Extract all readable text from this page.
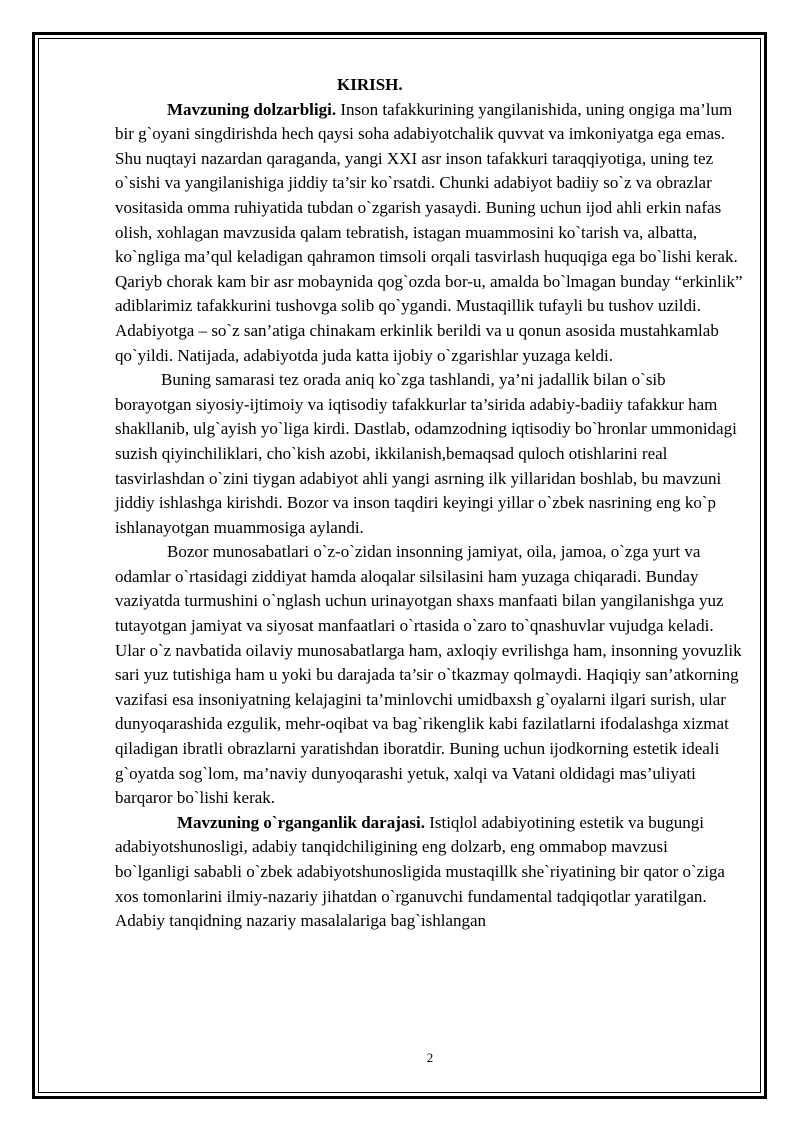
KIRISH.

Mavzuning dolzarbligi. Inson tafakkurining yangilanishida, uning ongiga ma’lum bir g`oyani singdirishda hech qaysi soha adabiyotchalik quvvat va imkoniyatga ega emas. Shu nuqtayi nazardan qaraganda, yangi XXI asr inson tafakkuri taraqqiyotiga, uning tez o`sishi va yangilanishiga jiddiy ta’sir ko`rsatdi. Chunki adabiyot badiiy so`z va obrazlar vositasida omma ruhiyatida tubdan o`zgarish yasaydi. Buning uchun ijod ahli erkin nafas olish, xohlagan mavzusida qalam tebratish, istagan muammosini ko`tarish va, albatta, ko`ngliga ma’qul keladigan qahramon timsoli orqali tasvirlash huquqiga ega bo`lishi kerak. Qariyb chorak kam bir asr mobaynida qog`ozda bor-u, amalda bo`lmagan bunday “erkinlik” adiblarimiz tafakkurini tushovga solib qo`ygandi. Mustaqillik tufayli bu tushov uzildi. Adabiyotga – so`z san’atiga chinakam erkinlik berildi va u qonun asosida mustahkamlab qo`yildi. Natijada, adabiyotda juda katta ijobiy o`zgarishlar yuzaga keldi.

Buning samarasi tez orada aniq ko`zga tashlandi, ya’ni jadallik bilan o`sib borayotgan siyosiy-ijtimoiy va iqtisodiy tafakkurlar ta’sirida adabiy-badiiy tafakkur ham shakllanib, ulg`ayish yo`liga kirdi. Dastlab, odamzodning iqtisodiy bo`hronlar ummonidagi suzish qiyinchiliklari, cho`kish azobi, ikkilanish,bemaqsad quloch otishlarini real tasvirlashdan o`zini tiygan adabiyot ahli yangi asrning ilk yillaridan boshlab, bu mavzuni jiddiy ishlashga kirishdi. Bozor va inson taqdiri keyingi yillar o`zbek nasrining eng ko`p ishlanayotgan muammosiga aylandi.

Bozor munosabatlari o`z-o`zidan insonning jamiyat, oila, jamoa, o`zga yurt va odamlar o`rtasidagi ziddiyat hamda aloqalar silsilasini ham yuzaga chiqaradi. Bunday vaziyatda turmushini o`nglash uchun urinayotgan shaxs manfaati bilan yangilanishga yuz tutayotgan jamiyat va siyosat manfaatlari o`rtasida o`zaro to`qnashuvlar vujudga keladi. Ular o`z navbatida oilaviy munosabatlarga ham, axloqiy evrilishga ham, insonning yovuzlik sari yuz tutishiga ham u yoki bu darajada ta’sir o`tkazmay qolmaydi. Haqiqiy san’atkorning vazifasi esa insoniyatning kelajagini ta’minlovchi umidbaxsh g`oyalarni ilgari surish, ular dunyoqarashida ezgulik, mehr-oqibat va bag`rikenglik kabi fazilatlarni ifodalashga xizmat qiladigan ibratli obrazlarni yaratishdan iboratdir. Buning uchun ijodkorning estetik ideali g`oyatda sog`lom, ma’naviy dunyoqarashi yetuk, xalqi va Vatani oldidagi mas’uliyati barqaror bo`lishi kerak.

Mavzuning o`rganganlik darajasi. Istiqlol adabiyotining estetik va bugungi adabiyotshunosligi, adabiy tanqidchiligining eng dolzarb, eng ommabop mavzusi bo`lganligi sababli o`zbek adabiyotshunosligida mustaqillk she`riyatining bir qator o`ziga xos tomonlarini ilmiy-nazariy jihatdan o`rganuvchi fundamental tadqiqotlar yaratilgan. Adabiy tanqidning nazariy masalalariga bag`ishlangan

2
